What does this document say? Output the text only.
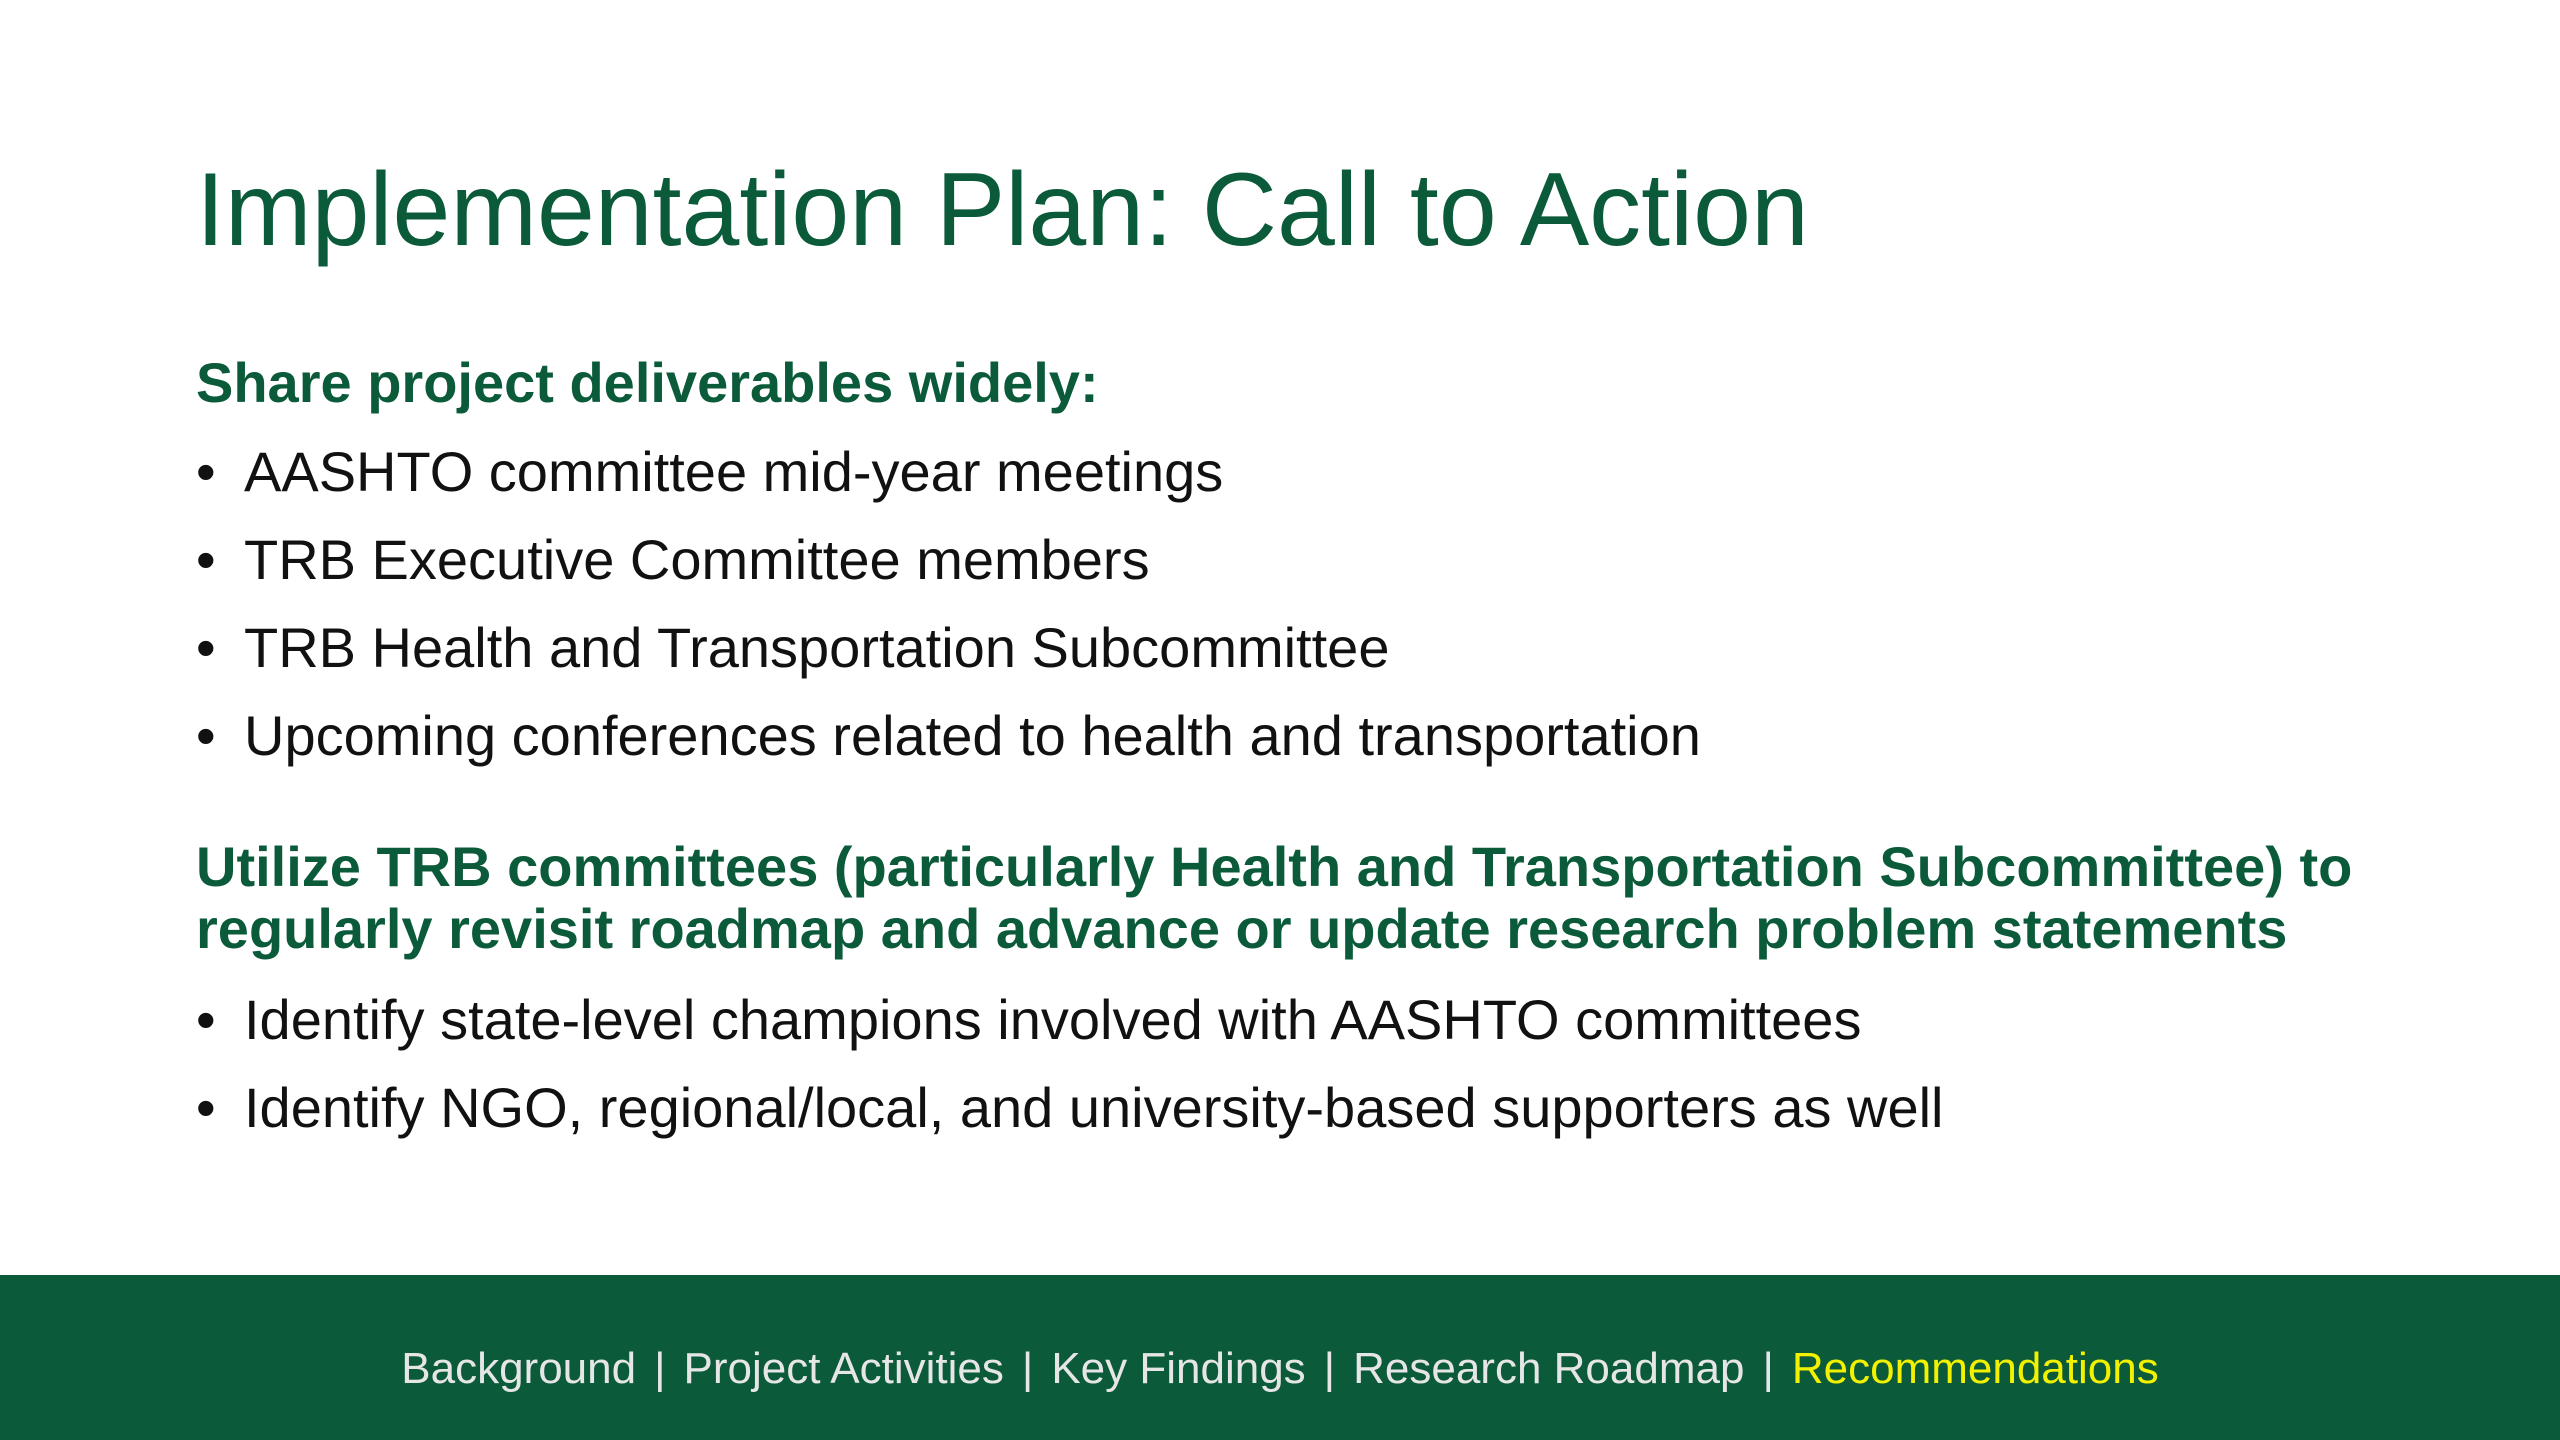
Implementation Plan: Call to Action

Share project deliverables widely:

• AASHTO committee mid-year meetings
• TRB Executive Committee members
• TRB Health and Transportation Subcommittee
• Upcoming conferences related to health and transportation

Utilize TRB committees (particularly Health and Transportation Subcommittee) to
regularly revisit roadmap and advance or update research problem statements

• Identify state-level champions involved with AASHTO committees
• Identify NGO, regional/local, and university-based supporters as well
Background | Project Activities | Key Findings | Research Roadmap | Recommendations
